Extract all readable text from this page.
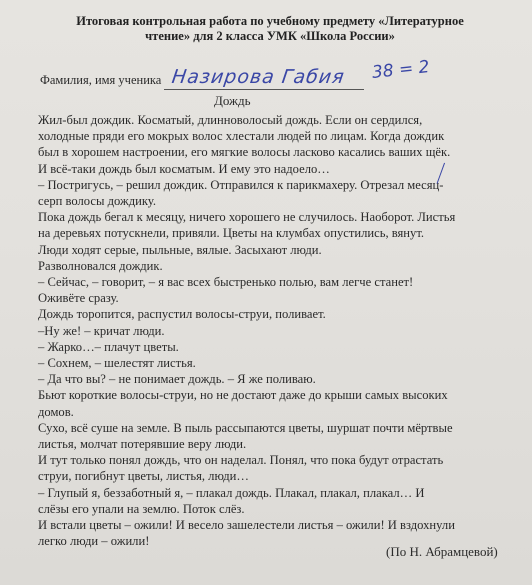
Итоговая контрольная работа по учебному предмету «Литературное
чтение» для 2 класса УМК «Школа России»
Фамилия, имя ученика Назирова Габия 38 = 2
Дождь

Жил-был дождик. Косматый, длинноволосый дождь. Если он сердился,

холодные пряди его мокрых волос хлестали людей по лицам. Когда дождик

был в хорошем настроении, его мягкие волосы ласково касались ваших щёк.

И всё-таки дождь был косматым. И ему это надоело…

– Постригусь, – решил дождик. Отправился к парикмахеру. Отрезал месяц-

серп волосы дождику.

Пока дождь бегал к месяцу, ничего хорошего не случилось. Наоборот. Листья

на деревьях потускнели, привяли. Цветы на клумбах опустились, вянут.

Люди ходят серые, пыльные, вялые. Засыхают люди.

Разволновался дождик.

– Сейчас, – говорит, – я вас всех быстренько полью, вам легче станет!

Оживёте сразу.

Дождь торопится, распустил волосы-струи, поливает.

–Ну же! – кричат люди.

– Жарко…– плачут цветы.

– Сохнем, – шелестят листья.

– Да что вы? – не понимает дождь. – Я же поливаю.

Бьют короткие волосы-струи, но не достают даже до крыши самых высоких

домов.

Сухо, всё суше на земле. В пыль рассыпаются цветы, шуршат почти мёртвые

листья, молчат потерявшие веру люди.

И тут только понял дождь, что он наделал. Понял, что пока будут отрастать

струи, погибнут цветы, листья, люди…

– Глупый я, беззаботный я, – плакал дождь. Плакал, плакал, плакал… И

слёзы его упали на землю. Поток слёз.

И встали цветы – ожили! И весело зашелестели листья – ожили! И вздохнули

легко люди – ожили!

(По Н. Абрамцевой)
